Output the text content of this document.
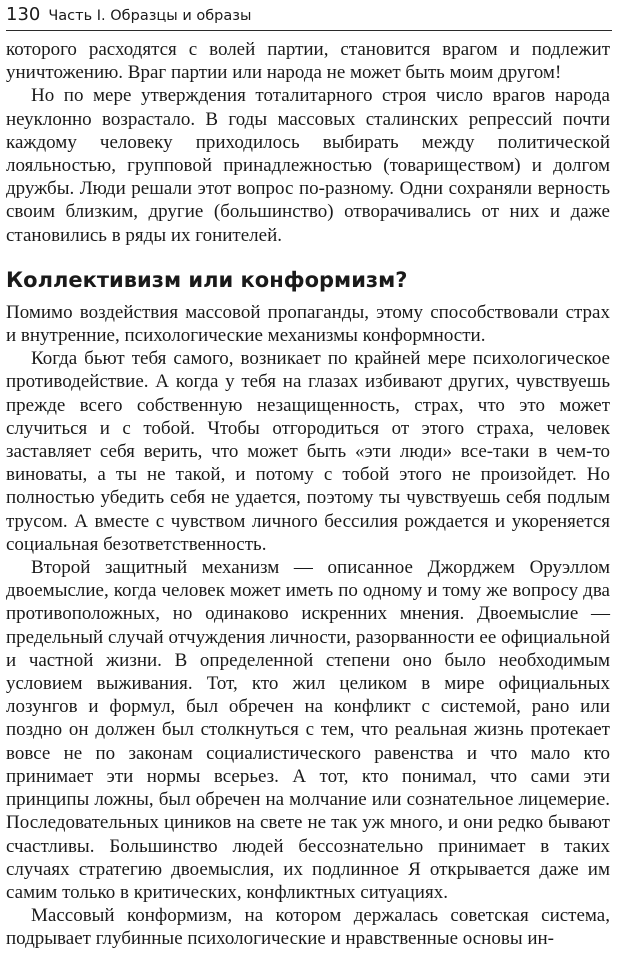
130 Часть I. Образцы и образы

которого расходятся с волей партии, становится врагом и подлежит уничтожению. Враг партии или народа не может быть моим другом!

Но по мере утверждения тоталитарного строя число врагов народа неуклонно возрастало. В годы массовых сталинских репрессий почти каждому человеку приходилось выбирать между политической лояльностью, групповой принадлежностью (товариществом) и долгом дружбы. Люди решали этот вопрос по-разному. Одни сохраняли верность своим близким, другие (большинство) отворачивались от них и даже становились в ряды их гонителей.

Коллективизм или конформизм?

Помимо воздействия массовой пропаганды, этому способствовали страх и внутренние, психологические механизмы конформности.

Когда бьют тебя самого, возникает по крайней мере психологическое противодействие. А когда у тебя на глазах избивают других, чувствуешь прежде всего собственную незащищенность, страх, что это может случиться и с тобой. Чтобы отгородиться от этого страха, человек заставляет себя верить, что может быть «эти люди» все-таки в чем-то виноваты, а ты не такой, и потому с тобой этого не произойдет. Но полностью убедить себя не удается, поэтому ты чувствуешь себя подлым трусом. А вместе с чувством личного бессилия рождается и укореняется социальная безответственность.

Второй защитный механизм — описанное Джорджем Оруэллом двоемыслие, когда человек может иметь по одному и тому же вопросу два противоположных, но одинаково искренних мнения. Двоемыслие — предельный случай отчуждения личности, разорванности ее официальной и частной жизни. В определенной степени оно было необходимым условием выживания. Тот, кто жил целиком в мире официальных лозунгов и формул, был обречен на конфликт с системой, рано или поздно он должен был столкнуться с тем, что реальная жизнь протекает вовсе не по законам социалистического равенства и что мало кто принимает эти нормы всерьез. А тот, кто понимал, что сами эти принципы ложны, был обречен на молчание или сознательное лицемерие. Последовательных циников на свете не так уж много, и они редко бывают счастливы. Большинство людей бессознательно принимает в таких случаях стратегию двоемыслия, их подлинное Я открывается даже им самим только в критических, конфликтных ситуациях.

Массовый конформизм, на котором держалась советская система, подрывает глубинные психологические и нравственные основы ин-
